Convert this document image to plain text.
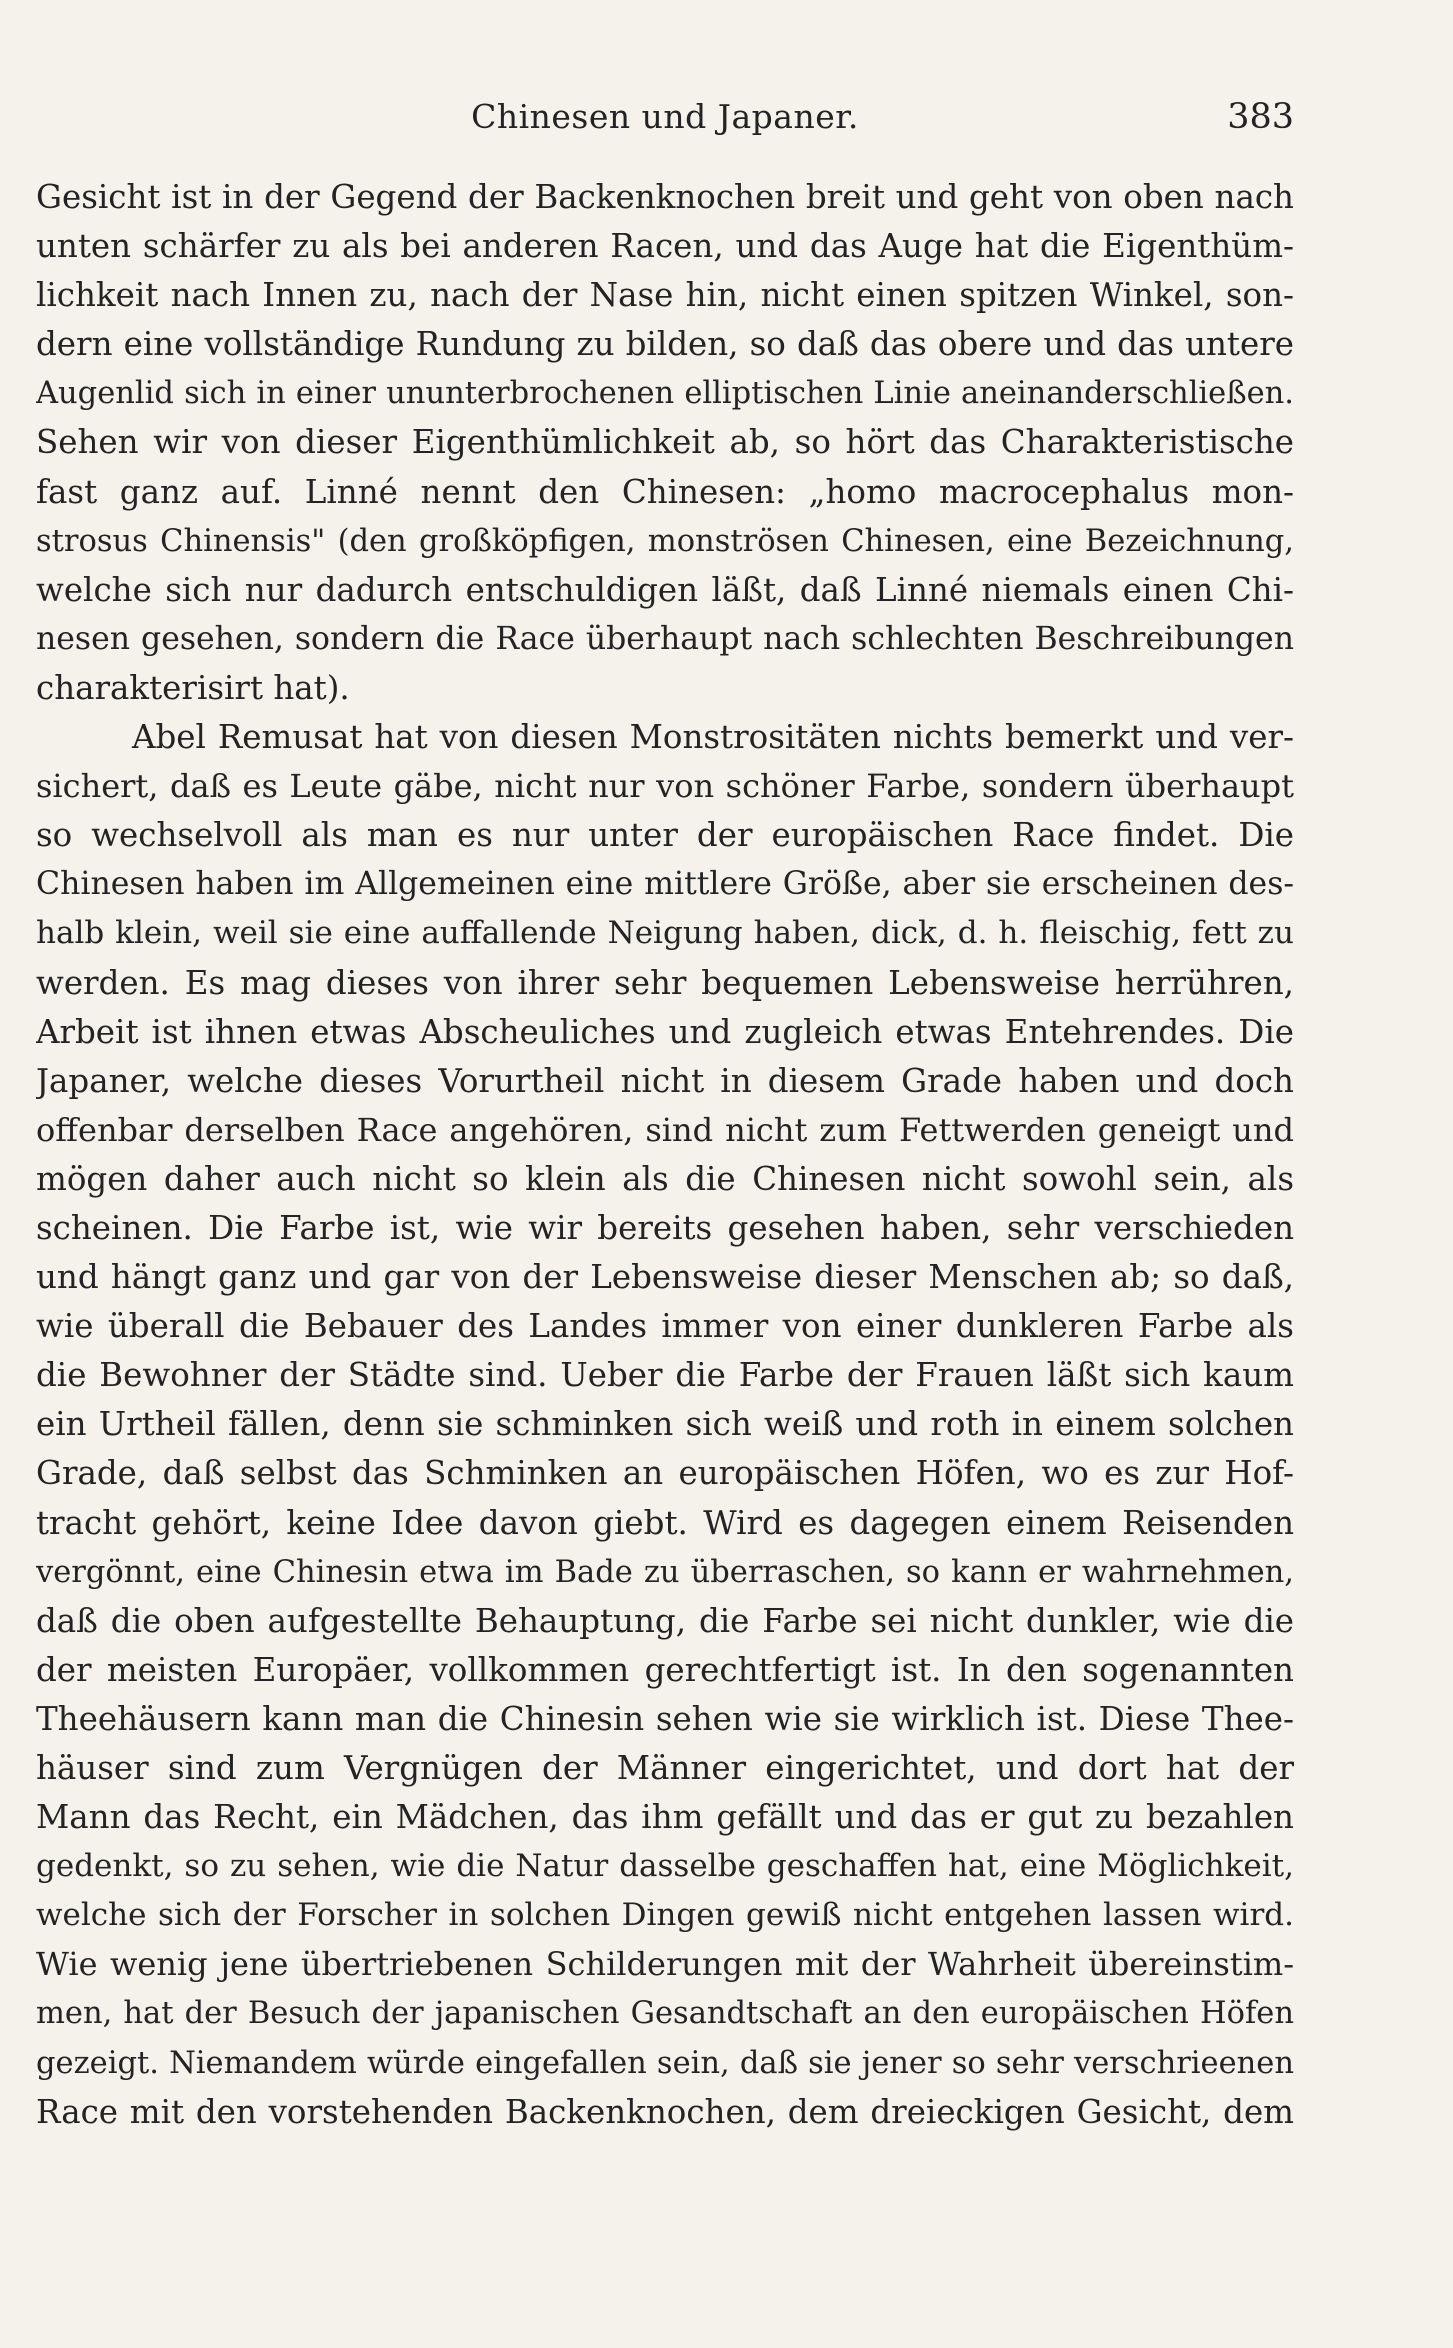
Chinesen und Japaner.	383
Gesicht ist in der Gegend der Backenknochen breit und geht von oben nach
unten schärfer zu als bei anderen Racen, und das Auge hat die Eigenthüm-
lichkeit nach Innen zu, nach der Nase hin, nicht einen spitzen Winkel, son-
dern eine vollständige Rundung zu bilden, so daß das obere und das untere
Augenlid sich in einer ununterbrochenen elliptischen Linie aneinanderschließen.
Sehen wir von dieser Eigenthümlichkeit ab, so hört das Charakteristische
fast ganz auf. Linné nennt den Chinesen: „homo macrocephalus mon-
strosus Chinensis" (den großköpfigen, monströsen Chinesen, eine Bezeichnung,
welche sich nur dadurch entschuldigen läßt, daß Linné niemals einen Chi-
nesen gesehen, sondern die Race überhaupt nach schlechten Beschreibungen
charakterisirt hat).
Abel Remusat hat von diesen Monstrositäten nichts bemerkt und ver-
sichert, daß es Leute gäbe, nicht nur von schöner Farbe, sondern überhaupt
so wechselvoll als man es nur unter der europäischen Race findet. Die
Chinesen haben im Allgemeinen eine mittlere Größe, aber sie erscheinen des-
halb klein, weil sie eine auffallende Neigung haben, dick, d. h. fleischig, fett zu
werden. Es mag dieses von ihrer sehr bequemen Lebensweise herrühren,
Arbeit ist ihnen etwas Abscheuliches und zugleich etwas Entehrendes. Die
Japaner, welche dieses Vorurtheil nicht in diesem Grade haben und doch
offenbar derselben Race angehören, sind nicht zum Fettwerden geneigt und
mögen daher auch nicht so klein als die Chinesen nicht sowohl sein, als
scheinen. Die Farbe ist, wie wir bereits gesehen haben, sehr verschieden
und hängt ganz und gar von der Lebensweise dieser Menschen ab; so daß,
wie überall die Bebauer des Landes immer von einer dunkleren Farbe als
die Bewohner der Städte sind. Ueber die Farbe der Frauen läßt sich kaum
ein Urtheil fällen, denn sie schminken sich weiß und roth in einem solchen
Grade, daß selbst das Schminken an europäischen Höfen, wo es zur Hof-
tracht gehört, keine Idee davon giebt. Wird es dagegen einem Reisenden
vergönnt, eine Chinesin etwa im Bade zu überraschen, so kann er wahrnehmen,
daß die oben aufgestellte Behauptung, die Farbe sei nicht dunkler, wie die
der meisten Europäer, vollkommen gerechtfertigt ist. In den sogenannten
Theehäusern kann man die Chinesin sehen wie sie wirklich ist. Diese Thee-
häuser sind zum Vergnügen der Männer eingerichtet, und dort hat der
Mann das Recht, ein Mädchen, das ihm gefällt und das er gut zu bezahlen
gedenkt, so zu sehen, wie die Natur dasselbe geschaffen hat, eine Möglichkeit,
welche sich der Forscher in solchen Dingen gewiß nicht entgehen lassen wird.
Wie wenig jene übertriebenen Schilderungen mit der Wahrheit übereinstim-
men, hat der Besuch der japanischen Gesandtschaft an den europäischen Höfen
gezeigt. Niemandem würde eingefallen sein, daß sie jener so sehr verschrieenen
Race mit den vorstehenden Backenknochen, dem dreieckigen Gesicht, dem
